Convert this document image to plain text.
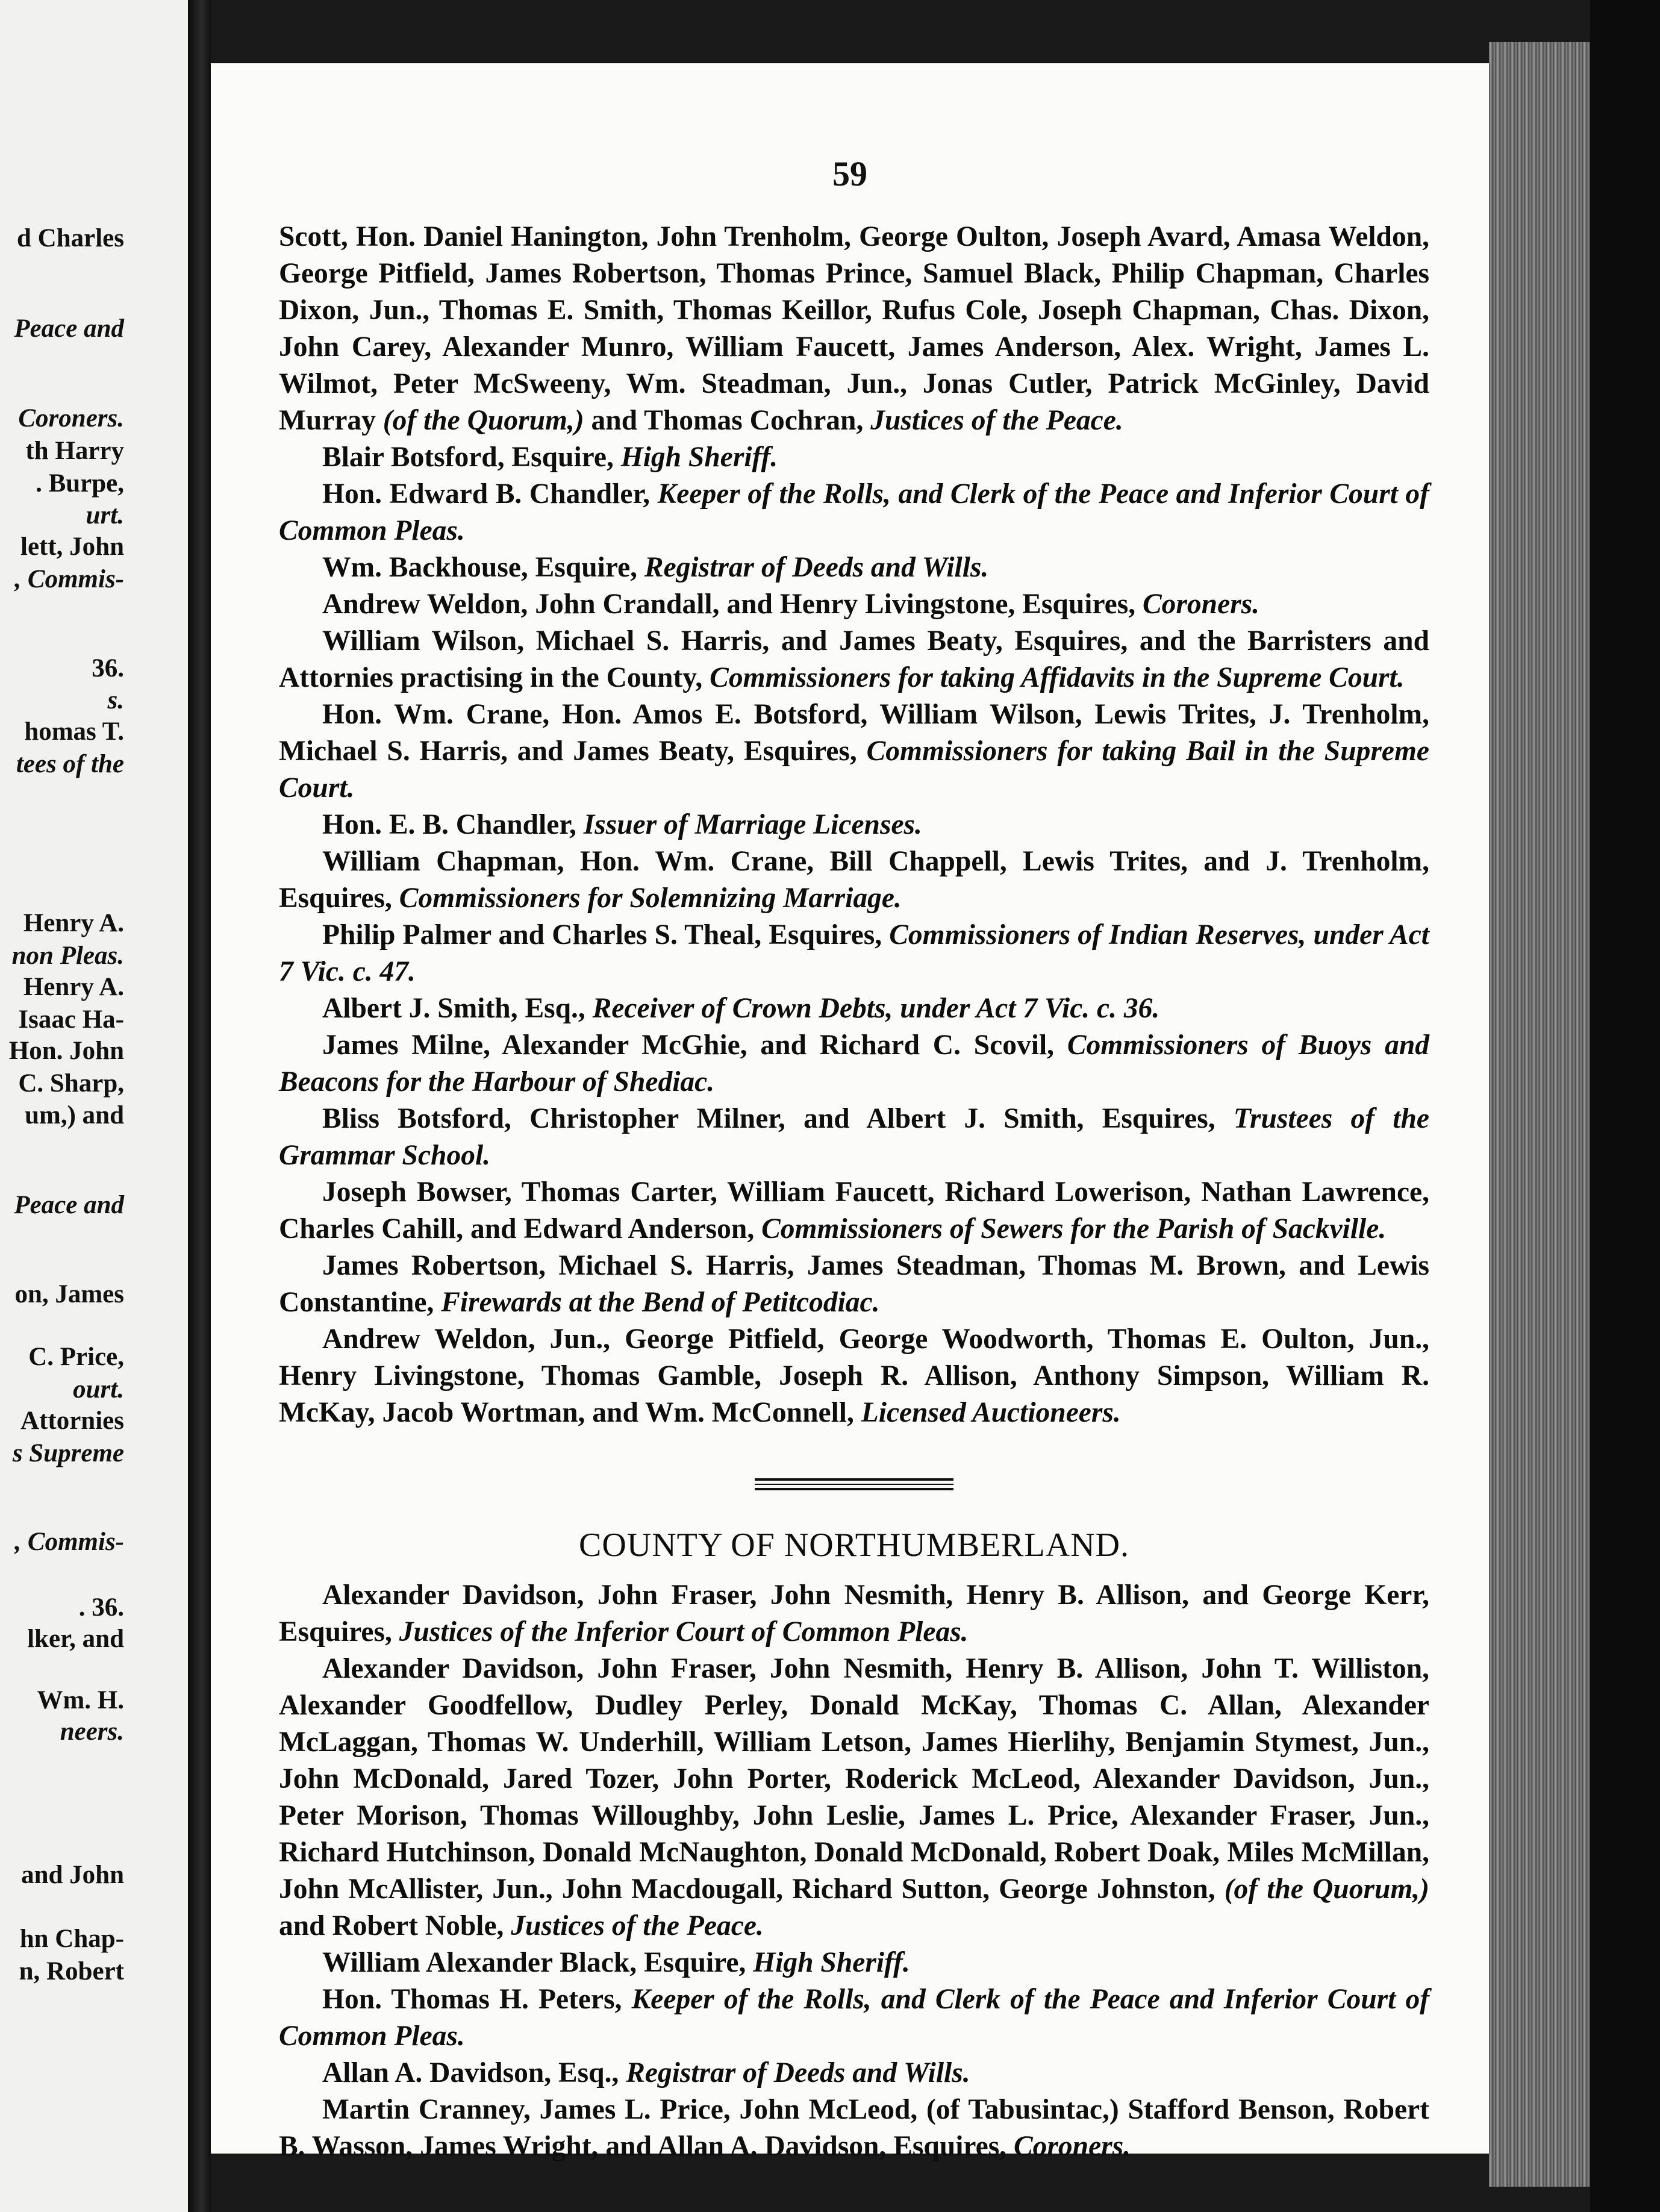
d Charles
Peace and
Coroners.
th Harry
. Burpe,
urt.
lett, John
, Commis-
36.
s.
homas T.
tees of the
Henry A.
non Pleas.
Henry A.
Isaac Ha-
Hon. John
C. Sharp,
um,) and
Peace and
on, James
C. Price,
ourt.
Attornies
s Supreme
, Commis-
. 36.
lker, and
Wm. H.
neers.
and John
hn Chap-
n, Robert
59

Scott, Hon. Daniel Hanington, John Trenholm, George Oulton, Joseph Avard, Amasa Weldon, George Pitfield, James Robertson, Thomas Prince, Samuel Black, Philip Chapman, Charles Dixon, Jun., Thomas E. Smith, Thomas Keillor, Rufus Cole, Joseph Chapman, Chas. Dixon, John Carey, Alexander Munro, William Faucett, James Anderson, Alex. Wright, James L. Wilmot, Peter McSweeny, Wm. Steadman, Jun., Jonas Cutler, Patrick McGinley, David Murray (of the Quorum,) and Thomas Cochran, Justices of the Peace.

Blair Botsford, Esquire, High Sheriff.

Hon. Edward B. Chandler, Keeper of the Rolls, and Clerk of the Peace and Inferior Court of Common Pleas.

Wm. Backhouse, Esquire, Registrar of Deeds and Wills.

Andrew Weldon, John Crandall, and Henry Livingstone, Esquires, Coroners.

William Wilson, Michael S. Harris, and James Beaty, Esquires, and the Barristers and Attornies practising in the County, Commissioners for taking Affidavits in the Supreme Court.

Hon. Wm. Crane, Hon. Amos E. Botsford, William Wilson, Lewis Trites, J. Trenholm, Michael S. Harris, and James Beaty, Esquires, Commissioners for taking Bail in the Supreme Court.

Hon. E. B. Chandler, Issuer of Marriage Licenses.

William Chapman, Hon. Wm. Crane, Bill Chappell, Lewis Trites, and J. Trenholm, Esquires, Commissioners for Solemnizing Marriage.

Philip Palmer and Charles S. Theal, Esquires, Commissioners of Indian Reserves, under Act 7 Vic. c. 47.

Albert J. Smith, Esq., Receiver of Crown Debts, under Act 7 Vic. c. 36.

James Milne, Alexander McGhie, and Richard C. Scovil, Commissioners of Buoys and Beacons for the Harbour of Shediac.

Bliss Botsford, Christopher Milner, and Albert J. Smith, Esquires, Trustees of the Grammar School.

Joseph Bowser, Thomas Carter, William Faucett, Richard Lowerison, Nathan Lawrence, Charles Cahill, and Edward Anderson, Commissioners of Sewers for the Parish of Sackville.

James Robertson, Michael S. Harris, James Steadman, Thomas M. Brown, and Lewis Constantine, Firewards at the Bend of Petitcodiac.

Andrew Weldon, Jun., George Pitfield, George Woodworth, Thomas E. Oulton, Jun., Henry Livingstone, Thomas Gamble, Joseph R. Allison, Anthony Simpson, William R. McKay, Jacob Wortman, and Wm. McConnell, Licensed Auctioneers.

COUNTY OF NORTHUMBERLAND.

Alexander Davidson, John Fraser, John Nesmith, Henry B. Allison, and George Kerr, Esquires, Justices of the Inferior Court of Common Pleas.

Alexander Davidson, John Fraser, John Nesmith, Henry B. Allison, John T. Williston, Alexander Goodfellow, Dudley Perley, Donald McKay, Thomas C. Allan, Alexander McLaggan, Thomas W. Underhill, William Letson, James Hierlihy, Benjamin Stymest, Jun., John McDonald, Jared Tozer, John Porter, Roderick McLeod, Alexander Davidson, Jun., Peter Morison, Thomas Willoughby, John Leslie, James L. Price, Alexander Fraser, Jun., Richard Hutchinson, Donald McNaughton, Donald McDonald, Robert Doak, Miles McMillan, John McAllister, Jun., John Macdougall, Richard Sutton, George Johnston, (of the Quorum,) and Robert Noble, Justices of the Peace.

William Alexander Black, Esquire, High Sheriff.

Hon. Thomas H. Peters, Keeper of the Rolls, and Clerk of the Peace and Inferior Court of Common Pleas.

Allan A. Davidson, Esq., Registrar of Deeds and Wills.

Martin Cranney, James L. Price, John McLeod, (of Tabusintac,) Stafford Benson, Robert B. Wasson, James Wright, and Allan A. Davidson, Esquires, Coroners.
